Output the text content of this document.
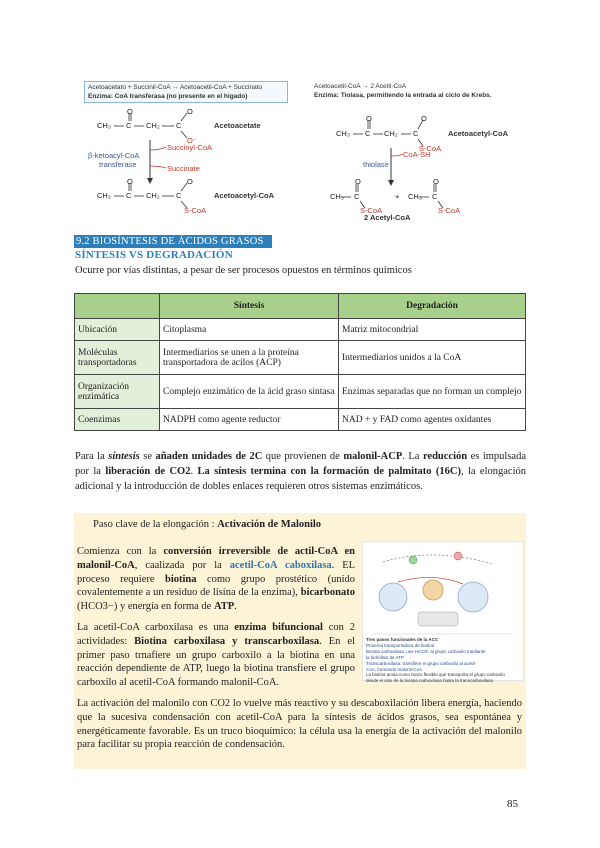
Acetoacetato + Succinil-CoA → Acetoacetil-CoA + Succinato
Enzima: CoA transferasa (no presente en el hígado)
CH₃ C CH₂ C
O	O
O⁻
Acetoacetate
β-ketoacyl-CoA
transferase
Succinyl-CoA
Succinate
CH₃ C CH₂ C
O	O
S-CoA
Acetoacetyl-CoA
Acetoacetil-CoA → 2 Acetil-CoA
Enzima: Tiolasa, permitiendo la entrada al ciclo de Krebs.
CH₃ C CH₂ C
O	O
S-CoA
Acetoacetyl-CoA
thiolase
CoA-SH
CH₃ C
O
S-CoA
+ CH₃ C
O
S-CoA
2 Acetyl-CoA
9.2 BIOSÍNTESIS DE ÁCIDOS GRASOS
SÍNTESIS VS DEGRADACIÓN
Ocurre por vías distintas, a pesar de ser procesos opuestos en términos químicos
	Síntesis	Degradación
Ubicación	Citoplasma	Matriz mitocondrial
Moléculas transportadoras	Intermediarios se unen a la proteína transportadora de acilos (ACP)	Intermediarios unidos a la CoA
Organización enzimática	Complejo enzimático de la ácid graso sintasa	Enzimas separadas que no forman un complejo
Coenzimas	NADPH como agente reductor	NAD + y FAD como agentes oxidantes
Para la síntesis se añaden unidades de 2C que provienen de malonil-ACP. La reducción es impulsada por la liberación de CO2. La síntesis termina con la formación de palmitato (16C), la elongación adicional y la introducción de dobles enlaces requieren otros sistemas enzimáticos.
Paso clave de la elongación : Activación de Malonilo
Comienza con la conversión irreversible de actil-CoA en malonil-CoA, caalizada por la acetil-CoA caboxilasa. EL proceso requiere biotina como grupo prostético (unido covalentemente a un residuo de lisina de la enzima), bicarbonato (HCO3−) y energía en forma de ATP.
La acetil-CoA carboxilasa es una enzima bifuncional con 2 actividades: Biotina carboxilasa y transcarboxilasa. En el primer paso trnafiere un grupo carboxilo a la biotina en una reacción dependiente de ATP, luego la biotina transfiere el grupo carboxilo al acetil-CoA formando malonil-CoA.
La activación del malonilo con CO2 lo vuelve más reactivo y su descaboxilación libera energía, haciendo que la sucesiva condensación con acetil-CoA para la síntesis de ácidos grasos, sea espontánea y energéticamente favorable. Es un truco bioquímico: la célula usa la energía de la activación del malonilo para facilitar su propia reacción de condensación.
Tres pasos funcionales de la ACC
Proteína transportadora de biotina
Biotina carboxilasa: une HCO3- al grupo carboxilo mediante
la hidrólisis de ATP
Transcarboxilasa: transfiere el grupo carboxilo al acetil-
CoA, formando malonil-CoA
La biotina actúa como brazo flexible que transporta el grupo carboxilo
desde el sitio de la biotina carboxilasa hasta la transcarboxilasa
85
